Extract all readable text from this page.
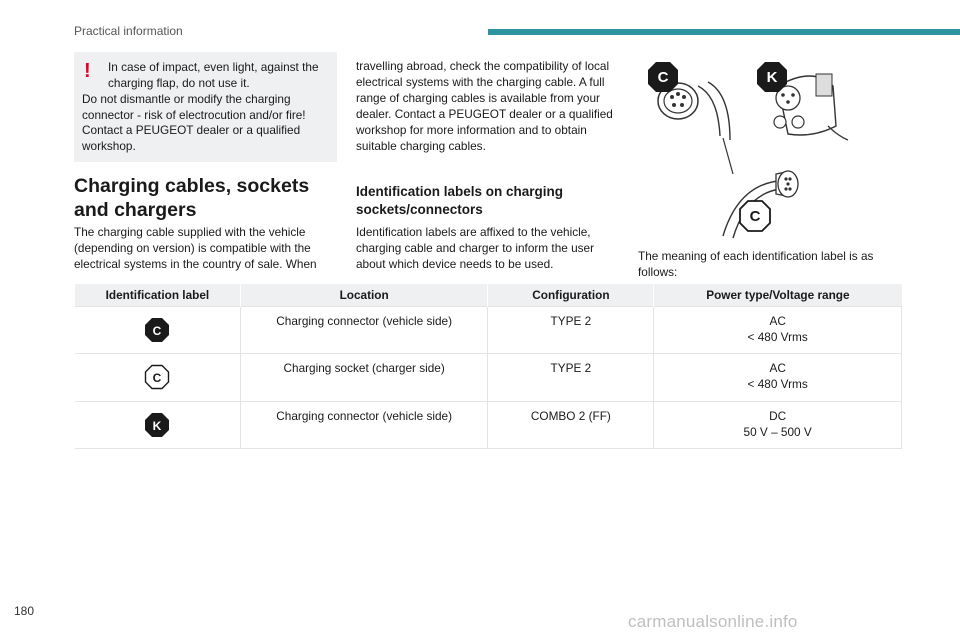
Practical information
!	In case of impact, even light, against the charging flap, do not use it.
Do not dismantle or modify the charging connector - risk of electrocution and/or fire! Contact a PEUGEOT dealer or a qualified workshop.
Charging cables, sockets and chargers
The charging cable supplied with the vehicle (depending on version) is compatible with the electrical systems in the country of sale. When
travelling abroad, check the compatibility of local electrical systems with the charging cable. A full range of charging cables is available from your dealer. Contact a PEUGEOT dealer or a qualified workshop for more information and to obtain suitable charging cables.
Identification labels on charging sockets/connectors
Identification labels are affixed to the vehicle, charging cable and charger to inform the user about which device needs to be used.
C	K
C
The meaning of each identification label is as follows:
Identification label	Location	Configuration	Power type/Voltage range

C	Charging connector (vehicle side)	TYPE 2	AC
< 480 Vrms

C	Charging socket (charger side)	TYPE 2	AC
< 480 Vrms

K	Charging connector (vehicle side)	COMBO 2 (FF)	DC
50 V – 500 V
180
carmanualsonline.info
